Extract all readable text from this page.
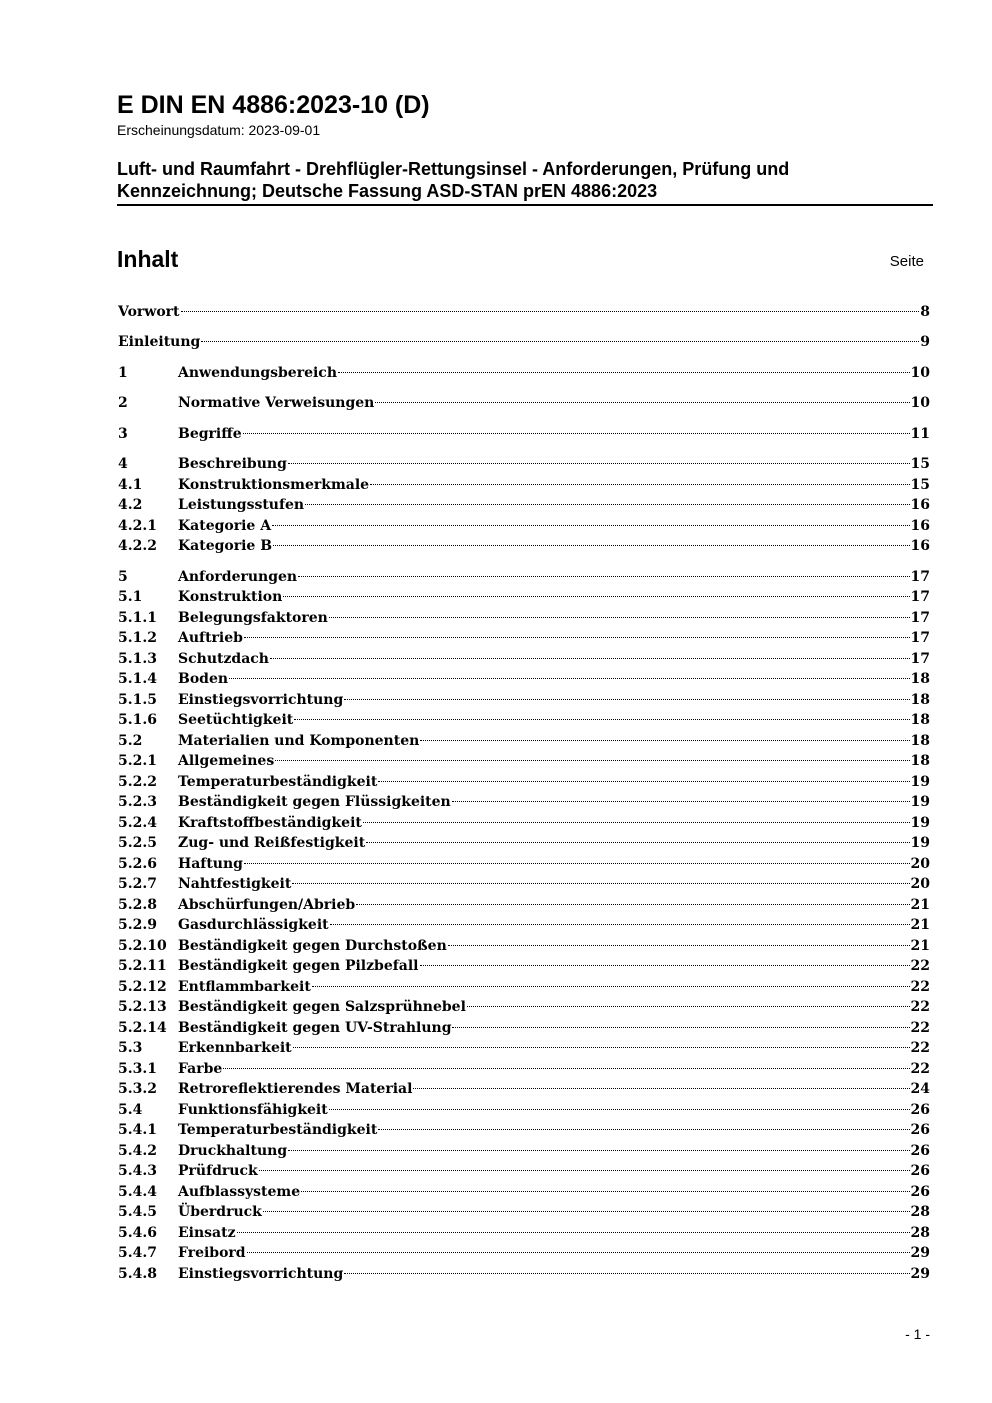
E DIN EN 4886:2023-10 (D)
Erscheinungsdatum: 2023-09-01
Luft- und Raumfahrt - Drehflügler-Rettungsinsel - Anforderungen, Prüfung und Kennzeichnung; Deutsche Fassung ASD-STAN prEN 4886:2023
Inhalt	Seite
Vorwort	8
Einleitung	9
1	Anwendungsbereich	10
2	Normative Verweisungen	10
3	Begriffe	11
4	Beschreibung	15
4.1	Konstruktionsmerkmale	15
4.2	Leistungsstufen	16
4.2.1	Kategorie A	16
4.2.2	Kategorie B	16
5	Anforderungen	17
5.1	Konstruktion	17
5.1.1	Belegungsfaktoren	17
5.1.2	Auftrieb	17
5.1.3	Schutzdach	17
5.1.4	Boden	18
5.1.5	Einstiegsvorrichtung	18
5.1.6	Seetüchtigkeit	18
5.2	Materialien und Komponenten	18
5.2.1	Allgemeines	18
5.2.2	Temperaturbeständigkeit	19
5.2.3	Beständigkeit gegen Flüssigkeiten	19
5.2.4	Kraftstoffbeständigkeit	19
5.2.5	Zug- und Reißfestigkeit	19
5.2.6	Haftung	20
5.2.7	Nahtfestigkeit	20
5.2.8	Abschürfungen/Abrieb	21
5.2.9	Gasdurchlässigkeit	21
5.2.10 Beständigkeit gegen Durchstoßen	21
5.2.11 Beständigkeit gegen Pilzbefall	22
5.2.12 Entflammbarkeit	22
5.2.13 Beständigkeit gegen Salzsprühnebel	22
5.2.14 Beständigkeit gegen UV-Strahlung	22
5.3	Erkennbarkeit	22
5.3.1	Farbe	22
5.3.2	Retroreflektierendes Material	24
5.4	Funktionsfähigkeit	26
5.4.1	Temperaturbeständigkeit	26
5.4.2	Druckhaltung	26
5.4.3	Prüfdruck	26
5.4.4	Aufblassysteme	26
5.4.5	Überdruck	28
5.4.6	Einsatz	28
5.4.7	Freibord	29
5.4.8	Einstiegsvorrichtung	29
- 1 -
